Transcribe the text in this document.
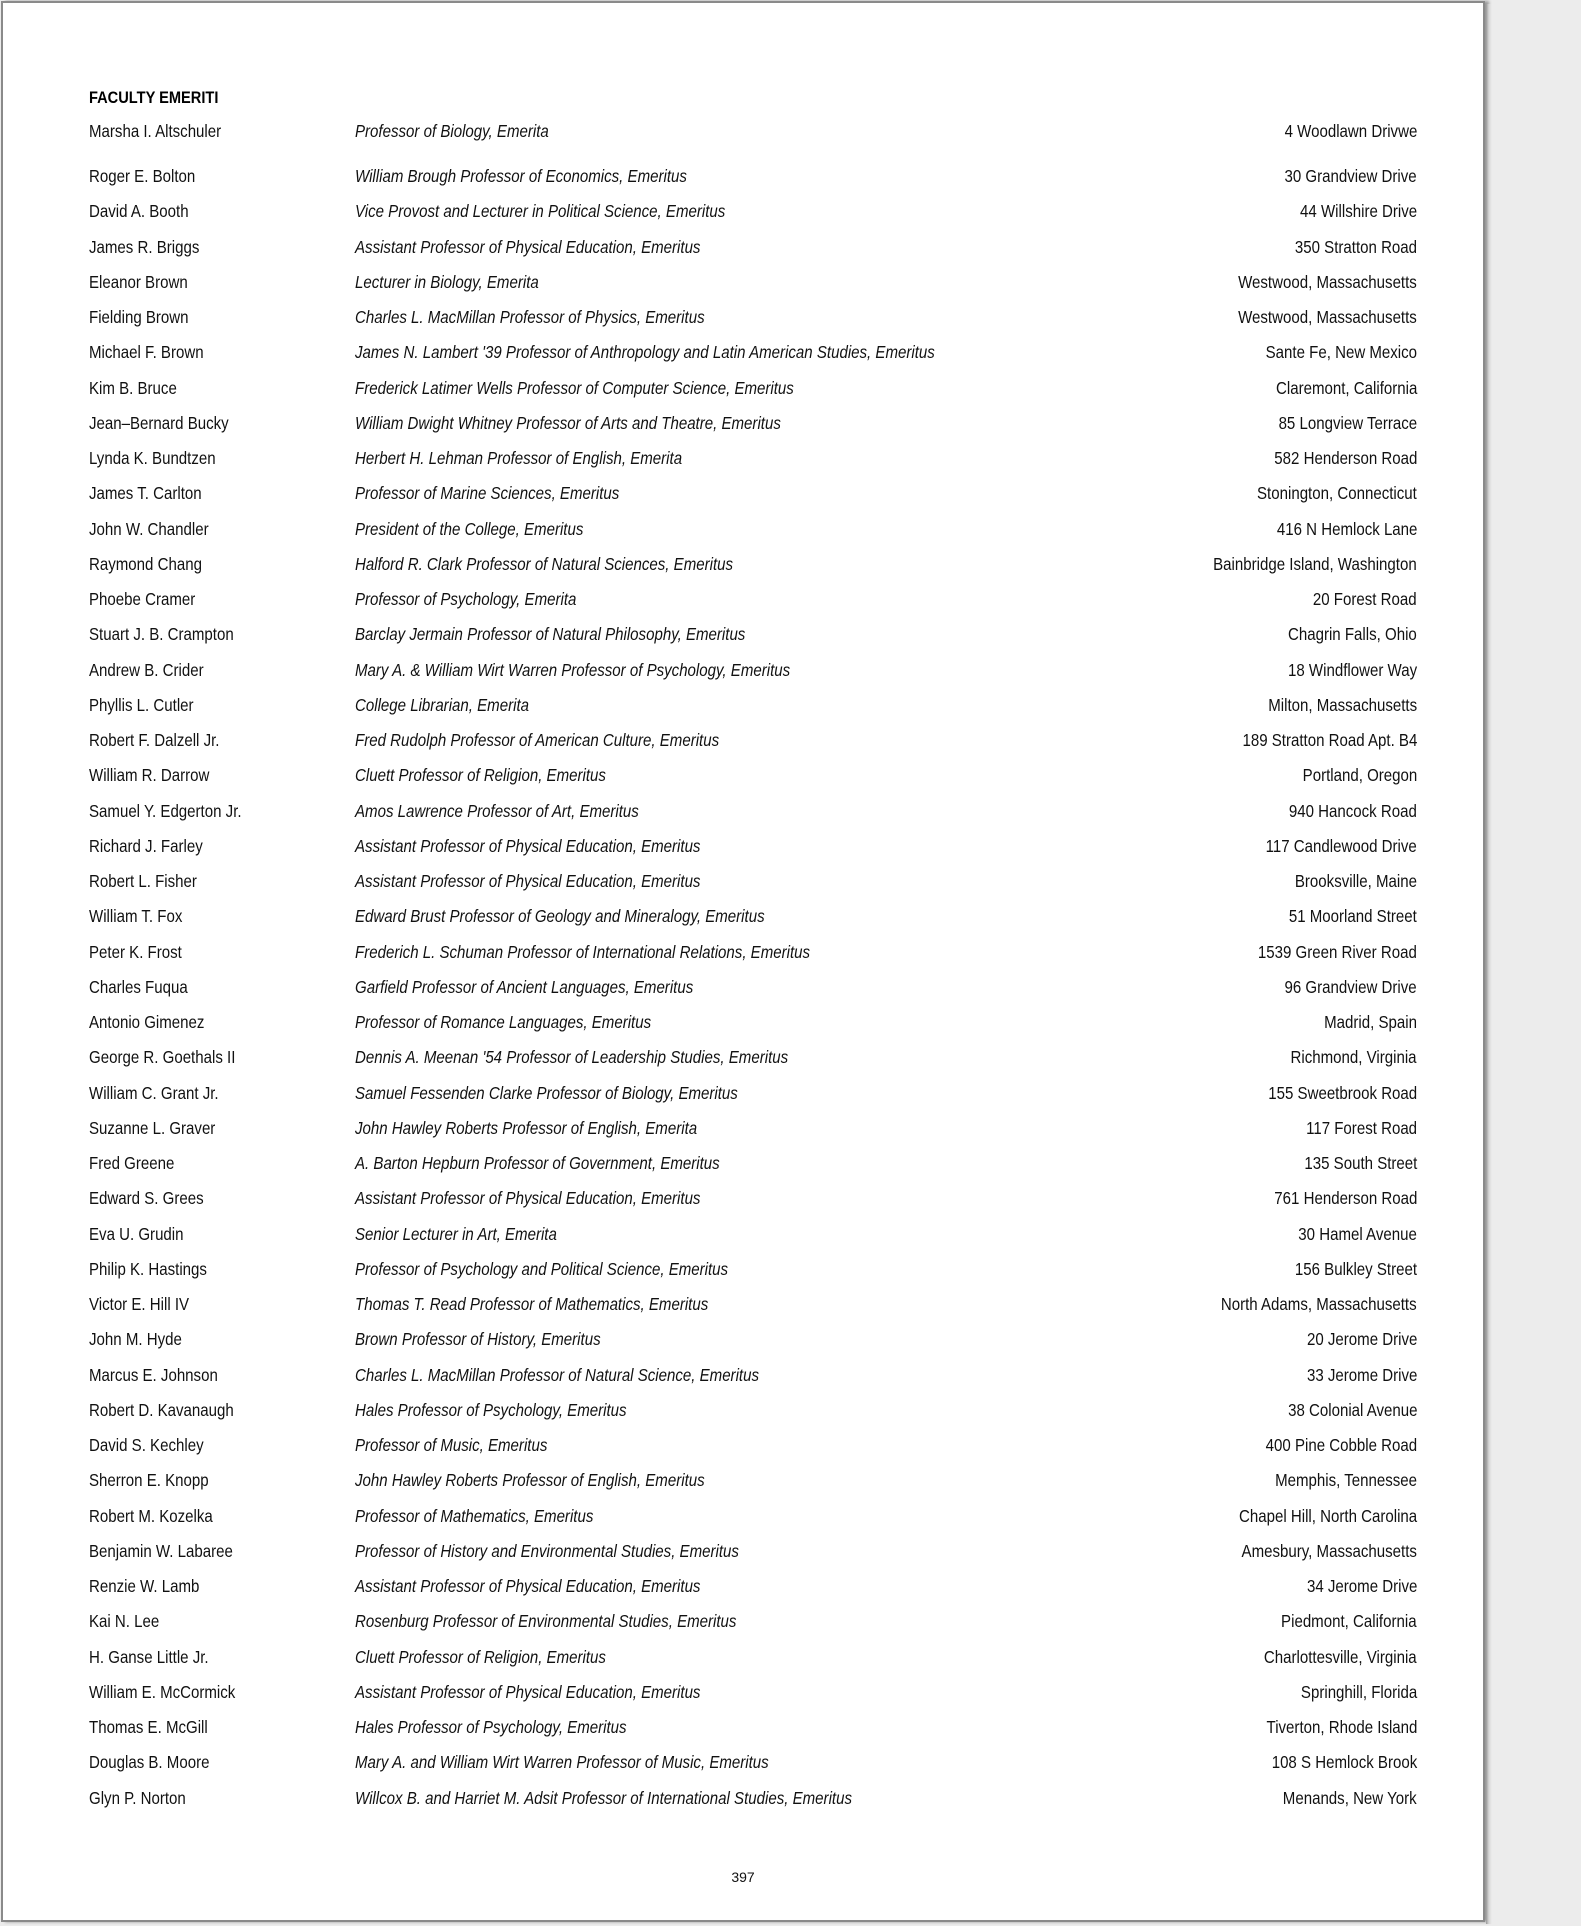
FACULTY EMERITI
Marsha I. Altschuler	Professor of Biology, Emerita	4 Woodlawn Drivwe
Roger E. Bolton	William Brough Professor of Economics, Emeritus	30 Grandview Drive
David A. Booth	Vice Provost and Lecturer in Political Science, Emeritus	44 Willshire Drive
James R. Briggs	Assistant Professor of Physical Education, Emeritus	350 Stratton Road
Eleanor Brown	Lecturer in Biology, Emerita	Westwood, Massachusetts
Fielding Brown	Charles L. MacMillan Professor of Physics, Emeritus	Westwood, Massachusetts
Michael F. Brown	James N. Lambert '39 Professor of Anthropology and Latin American Studies, Emeritus	Sante Fe, New Mexico
Kim B. Bruce	Frederick Latimer Wells Professor of Computer Science, Emeritus	Claremont, California
Jean–Bernard Bucky	William Dwight Whitney Professor of Arts and Theatre, Emeritus	85 Longview Terrace
Lynda K. Bundtzen	Herbert H. Lehman Professor of English, Emerita	582 Henderson Road
James T. Carlton	Professor of Marine Sciences, Emeritus	Stonington, Connecticut
John W. Chandler	President of the College, Emeritus	416 N Hemlock Lane
Raymond Chang	Halford R. Clark Professor of Natural Sciences, Emeritus	Bainbridge Island, Washington
Phoebe Cramer	Professor of Psychology, Emerita	20 Forest Road
Stuart J. B. Crampton	Barclay Jermain Professor of Natural Philosophy, Emeritus	Chagrin Falls, Ohio
Andrew B. Crider	Mary A. & William Wirt Warren Professor of Psychology, Emeritus	18 Windflower Way
Phyllis L. Cutler	College Librarian, Emerita	Milton, Massachusetts
Robert F. Dalzell Jr.	Fred Rudolph Professor of American Culture, Emeritus	189 Stratton Road Apt. B4
William R. Darrow	Cluett Professor of Religion, Emeritus	Portland, Oregon
Samuel Y. Edgerton Jr.	Amos Lawrence Professor of Art, Emeritus	940 Hancock Road
Richard J. Farley	Assistant Professor of Physical Education, Emeritus	117 Candlewood Drive
Robert L. Fisher	Assistant Professor of Physical Education, Emeritus	Brooksville, Maine
William T. Fox	Edward Brust Professor of Geology and Mineralogy, Emeritus	51 Moorland Street
Peter K. Frost	Frederich L. Schuman Professor of International Relations, Emeritus	1539 Green River Road
Charles Fuqua	Garfield Professor of Ancient Languages, Emeritus	96 Grandview Drive
Antonio Gimenez	Professor of Romance Languages, Emeritus	Madrid, Spain
George R. Goethals II	Dennis A. Meenan '54 Professor of Leadership Studies, Emeritus	Richmond, Virginia
William C. Grant Jr.	Samuel Fessenden Clarke Professor of Biology, Emeritus	155 Sweetbrook Road
Suzanne L. Graver	John Hawley Roberts Professor of English, Emerita	117 Forest Road
Fred Greene	A. Barton Hepburn Professor of Government, Emeritus	135 South Street
Edward S. Grees	Assistant Professor of Physical Education, Emeritus	761 Henderson Road
Eva U. Grudin	Senior Lecturer in Art, Emerita	30 Hamel Avenue
Philip K. Hastings	Professor of Psychology and Political Science, Emeritus	156 Bulkley Street
Victor E. Hill IV	Thomas T. Read Professor of Mathematics, Emeritus	North Adams, Massachusetts
John M. Hyde	Brown Professor of History, Emeritus	20 Jerome Drive
Marcus E. Johnson	Charles L. MacMillan Professor of Natural Science, Emeritus	33 Jerome Drive
Robert D. Kavanaugh	Hales Professor of Psychology, Emeritus	38 Colonial Avenue
David S. Kechley	Professor of Music, Emeritus	400 Pine Cobble Road
Sherron E. Knopp	John Hawley Roberts Professor of English, Emeritus	Memphis, Tennessee
Robert M. Kozelka	Professor of Mathematics, Emeritus	Chapel Hill, North Carolina
Benjamin W. Labaree	Professor of History and Environmental Studies, Emeritus	Amesbury, Massachusetts
Renzie W. Lamb	Assistant Professor of Physical Education, Emeritus	34 Jerome Drive
Kai N. Lee	Rosenburg Professor of Environmental Studies, Emeritus	Piedmont, California
H. Ganse Little Jr.	Cluett Professor of Religion, Emeritus	Charlottesville, Virginia
William E. McCormick	Assistant Professor of Physical Education, Emeritus	Springhill, Florida
Thomas E. McGill	Hales Professor of Psychology, Emeritus	Tiverton, Rhode Island
Douglas B. Moore	Mary A. and William Wirt Warren Professor of Music, Emeritus	108 S Hemlock Brook
Glyn P. Norton	Willcox B. and Harriet M. Adsit Professor of International Studies, Emeritus	Menands, New York
397
